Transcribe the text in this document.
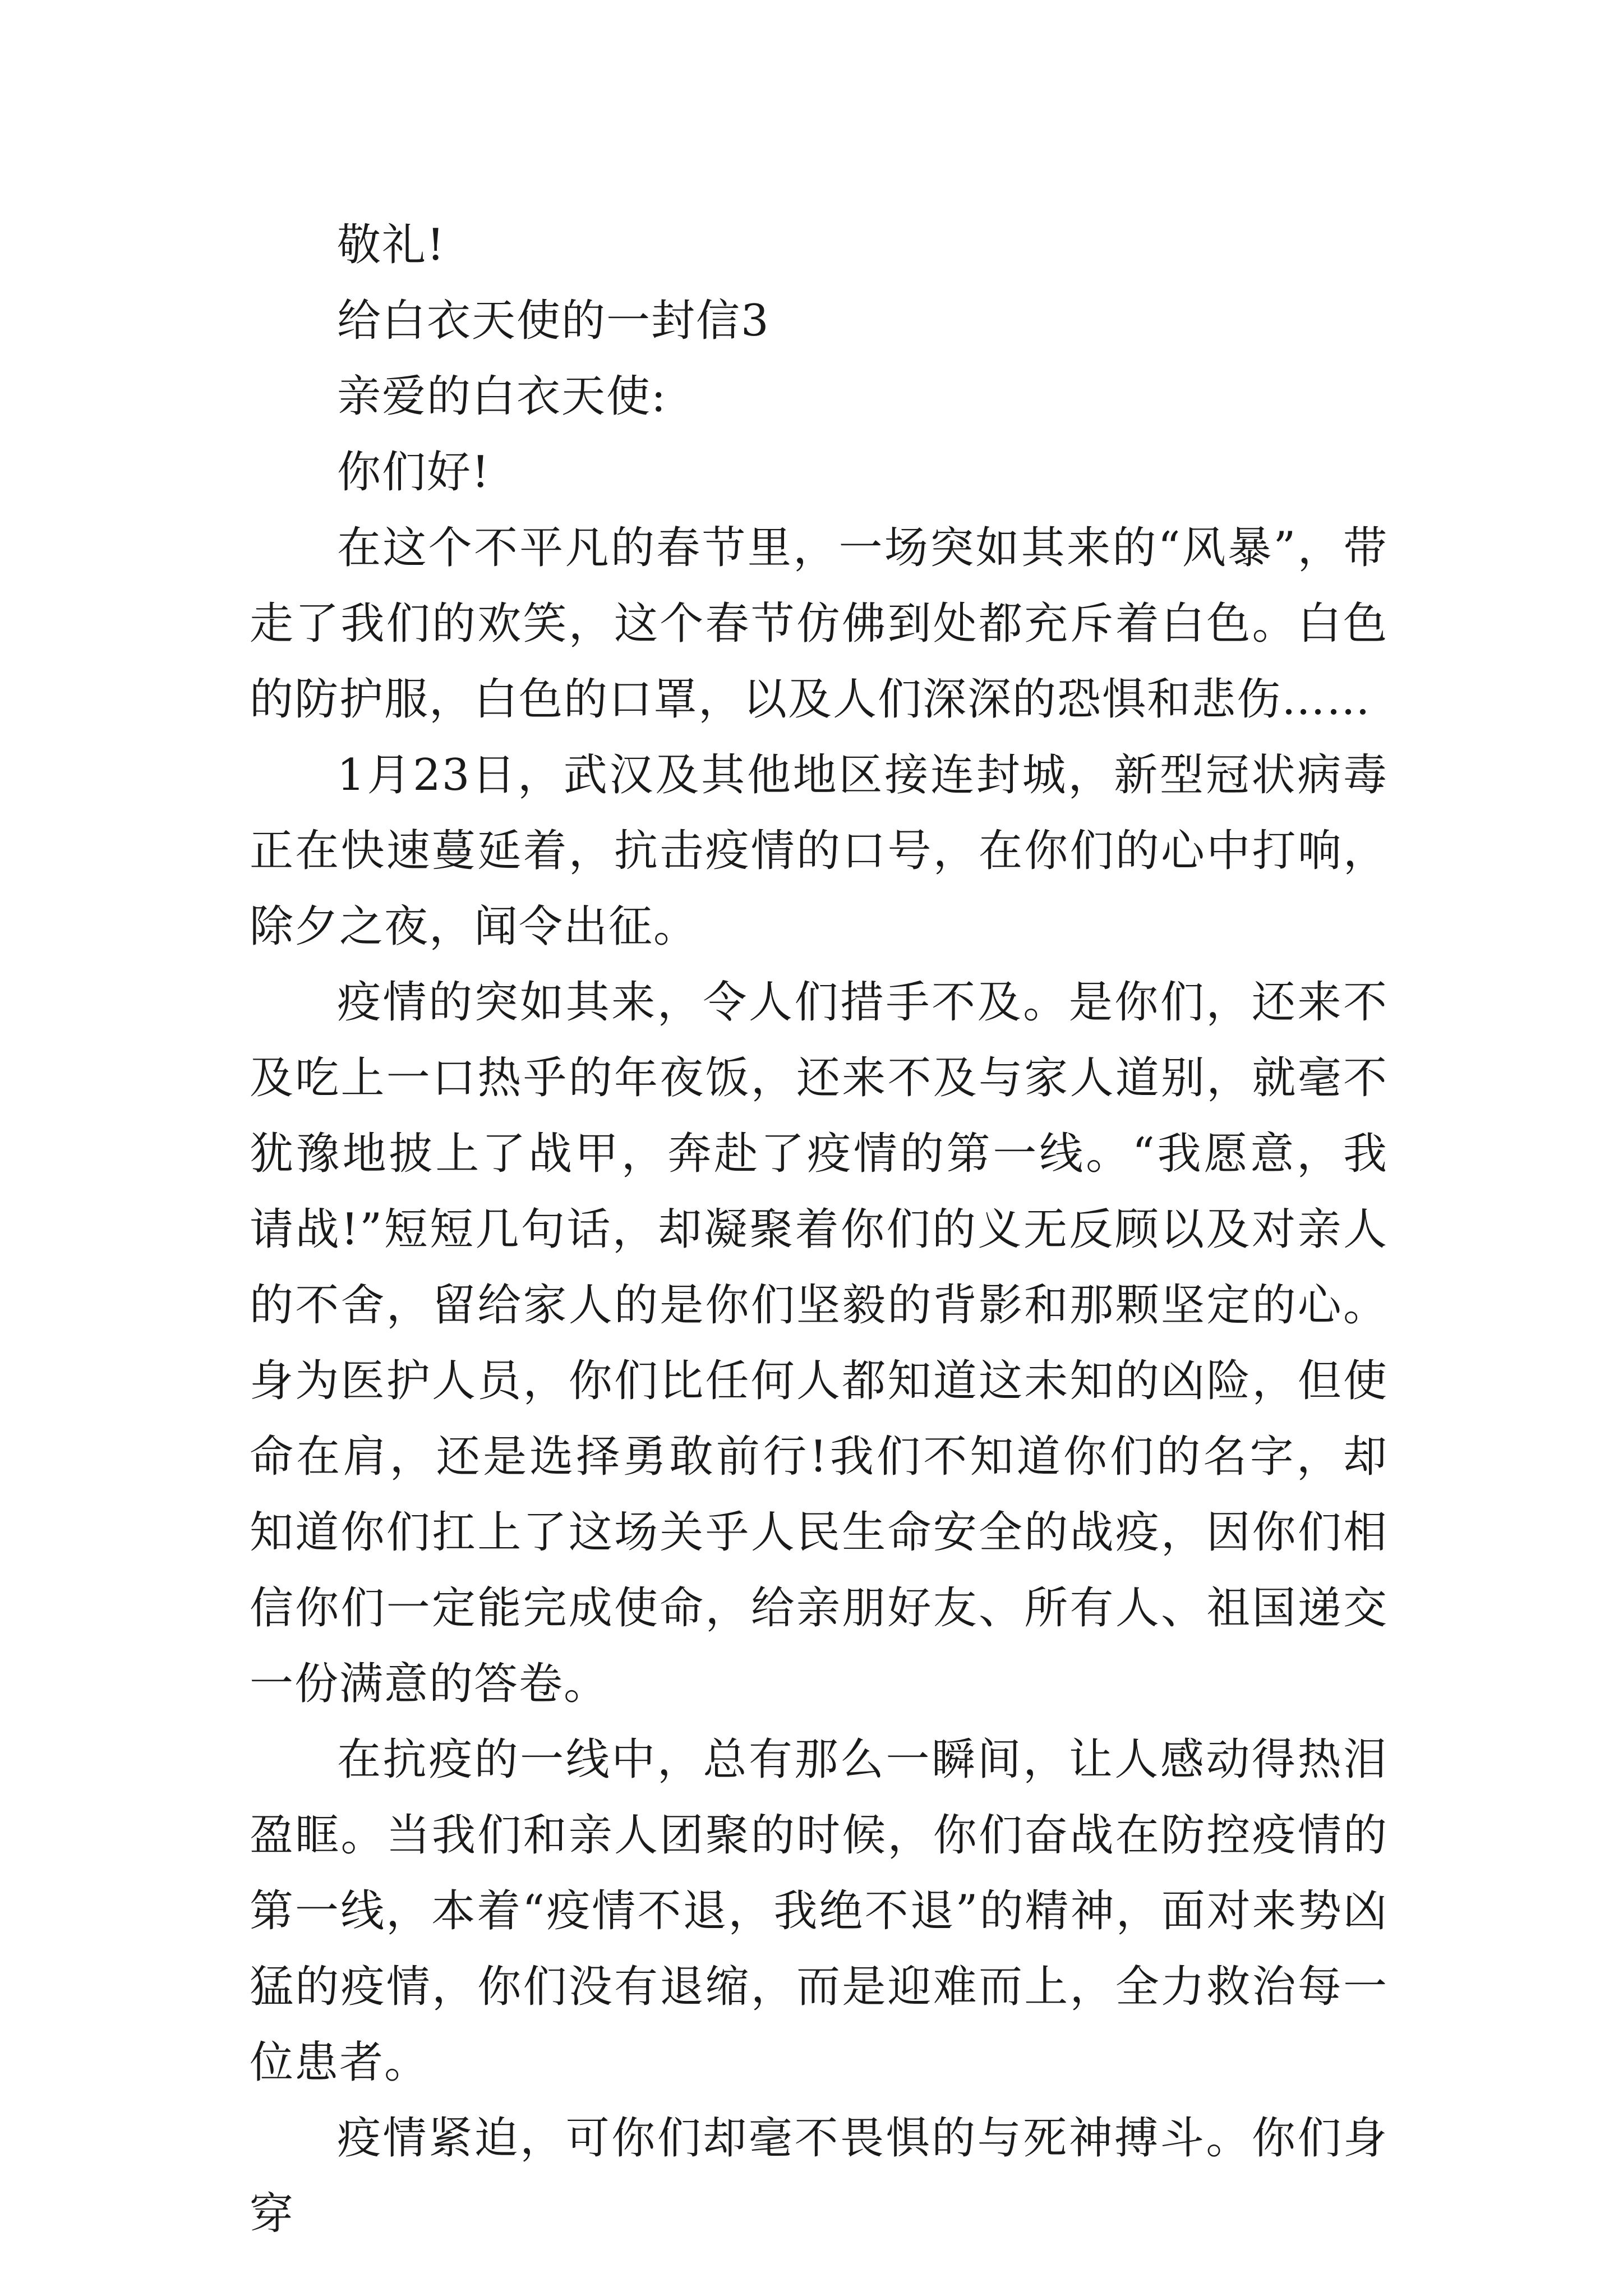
敬礼!

给白衣天使的一封信3

亲爱的白衣天使:

你们好!

在这个不平凡的春节里，一场突如其来的“风暴”，带走了我们的欢笑，这个春节仿佛到处都充斥着白色。白色的防护服，白色的口罩，以及人们深深的恐惧和悲伤……

1月23日，武汉及其他地区接连封城，新型冠状病毒正在快速蔓延着，抗击疫情的口号，在你们的心中打响，除夕之夜，闻令出征。

疫情的突如其来，令人们措手不及。是你们，还来不及吃上一口热乎的年夜饭，还来不及与家人道别，就毫不犹豫地披上了战甲，奔赴了疫情的第一线。“我愿意，我请战!”短短几句话，却凝聚着你们的义无反顾以及对亲人的不舍，留给家人的是你们坚毅的背影和那颗坚定的心。身为医护人员，你们比任何人都知道这未知的凶险，但使命在肩，还是选择勇敢前行!我们不知道你们的名字，却知道你们扛上了这场关乎人民生命安全的战疫，因你们相信你们一定能完成使命，给亲朋好友、所有人、祖国递交一份满意的答卷。

在抗疫的一线中，总有那么一瞬间，让人感动得热泪盈眶。当我们和亲人团聚的时候，你们奋战在防控疫情的第一线，本着“疫情不退，我绝不退”的精神，面对来势凶猛的疫情，你们没有退缩，而是迎难而上，全力救治每一位患者。

疫情紧迫，可你们却毫不畏惧的与死神搏斗。你们身穿
